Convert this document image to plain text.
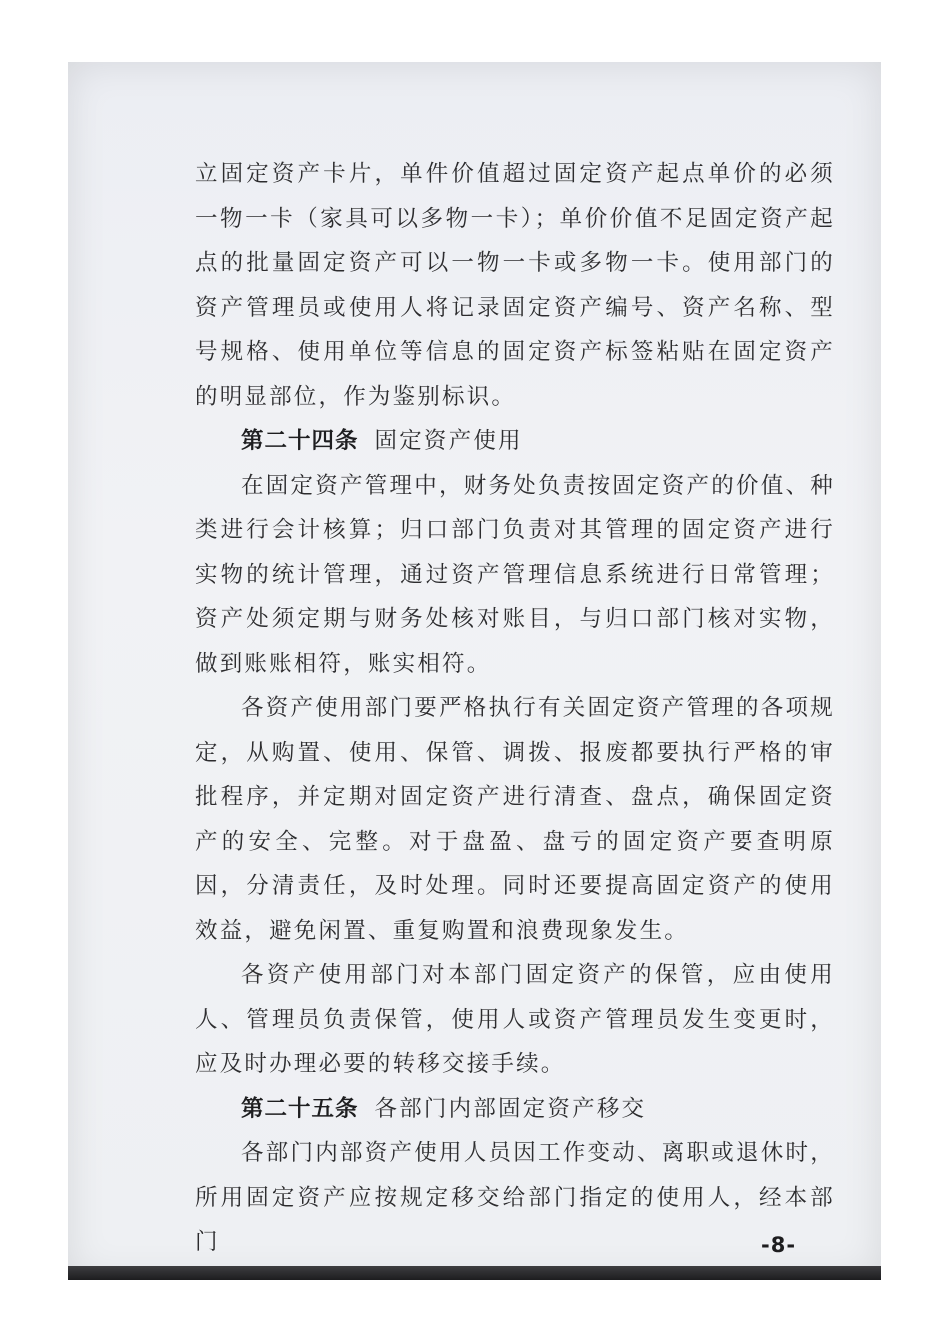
立固定资产卡片，单件价值超过固定资产起点单价的必须一物一卡（家具可以多物一卡）；单价价值不足固定资产起点的批量固定资产可以一物一卡或多物一卡。使用部门的资产管理员或使用人将记录固定资产编号、资产名称、型号规格、使用单位等信息的固定资产标签粘贴在固定资产的明显部位，作为鉴别标识。

第二十四条 固定资产使用

在固定资产管理中，财务处负责按固定资产的价值、种类进行会计核算；归口部门负责对其管理的固定资产进行实物的统计管理，通过资产管理信息系统进行日常管理；资产处须定期与财务处核对账目，与归口部门核对实物，做到账账相符，账实相符。

各资产使用部门要严格执行有关固定资产管理的各项规定，从购置、使用、保管、调拨、报废都要执行严格的审批程序，并定期对固定资产进行清查、盘点，确保固定资产的安全、完整。对于盘盈、盘亏的固定资产要查明原因，分清责任，及时处理。同时还要提高固定资产的使用效益，避免闲置、重复购置和浪费现象发生。

各资产使用部门对本部门固定资产的保管，应由使用人、管理员负责保管，使用人或资产管理员发生变更时，应及时办理必要的转移交接手续。

第二十五条 各部门内部固定资产移交

各部门内部资产使用人员因工作变动、离职或退休时，所用固定资产应按规定移交给部门指定的使用人，经本部门	-8-
